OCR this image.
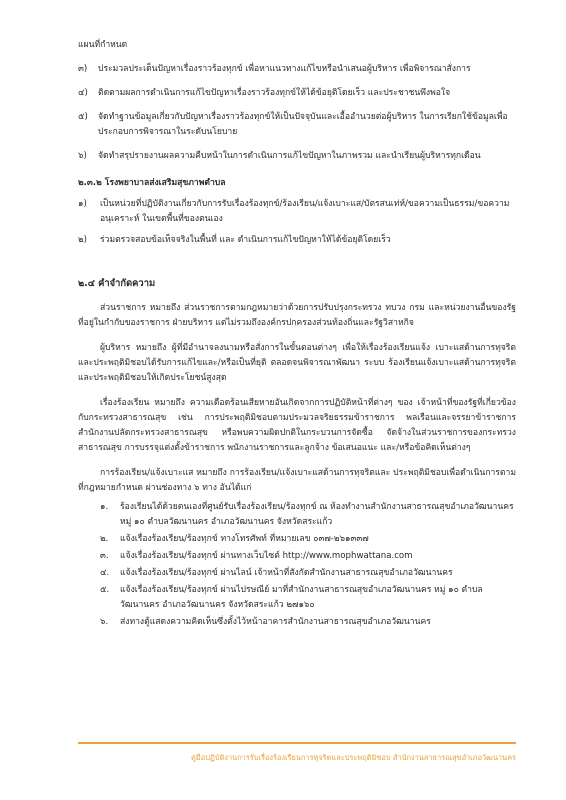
แผนที่กำหนด

๓) ประมวลประเด็นปัญหาเรื่องราวร้องทุกข์ เพื่อหาแนวทางแก้ไขหรือนำเสนอผู้บริหาร เพื่อพิจารณาสั่งการ
๔) ติดตามผลการดำเนินการแก้ไขปัญหาเรื่องราวร้องทุกข์ให้ได้ข้อยุติโดยเร็ว และประชาชนพึงพอใจ
๕) จัดทำฐานข้อมูลเกี่ยวกับปัญหาเรื่องราวร้องทุกข์ให้เป็นปัจจุบันและเอื้ออำนวยต่อผู้บริหาร ในการเรียกใช้ข้อมูลเพื่อประกอบการพิจารณาในระดับนโยบาย
๖) จัดทำสรุปรายงานผลความคืบหน้าในการดำเนินการแก้ไขปัญหาในภาพรวม และนำเรียนผู้บริหารทุกเดือน

๒.๓.๒ โรงพยาบาลส่งเสริมสุขภาพตำบล

๑) เป็นหน่วยที่ปฏิบัติงานเกี่ยวกับการรับเรื่องร้องทุกข์/ร้องเรียน/แจ้งเบาะแส/บัตรสนเท่ห์/ขอความเป็นธรรม/ขอความอนุเคราะห์ ในเขตพื้นที่ของตนเอง
๒) ร่วมตรวจสอบข้อเท็จจริงในพื้นที่ และ ดำเนินการแก้ไขปัญหาให้ได้ข้อยุติโดยเร็ว

๒.๔ คำจำกัดความ

ส่วนราชการ หมายถึง ส่วนราชการตามกฎหมายว่าด้วยการปรับปรุงกระทรวง ทบวง กรม และหน่วยงานอื่นของรัฐที่อยู่ในกำกับของราชการ ฝ่ายบริหาร แต่ไม่รวมถึงองค์กรปกครองส่วนท้องถิ่นและรัฐวิสาหกิจ

ผู้บริหาร หมายถึง ผู้ที่มีอำนาจลงนามหรือสั่งการในขั้นตอนต่างๆ เพื่อให้เรื่องร้องเรียนแจ้ง เบาะแสด้านการทุจริตและประพฤติมิชอบได้รับการแก้ไขและ/หรือเป็นที่ยุติ ตลอดจนพิจารณาพัฒนา ระบบ ร้องเรียนแจ้งเบาะแสด้านการทุจริตและประพฤติมิชอบให้เกิดประโยชน์สูงสุด

เรื่องร้องเรียน หมายถึง ความเดือดร้อนเสียหายอันเกิดจากการปฏิบัติหน้าที่ต่างๆ ของ เจ้าหน้าที่ของรัฐที่เกี่ยวข้องกับกระทรวงสาธารณสุข เช่น การประพฤติมิชอบตามประมวลจริยธรรมข้าราชการ พลเรือนและจรรยาข้าราชการสำนักงานปลัดกระทรวงสาธารณสุข หรือพบความผิดปกติในกระบวนการจัดซื้อ จัดจ้างในส่วนราชการของกระทรวงสาธารณสุข การบรรจุแต่งตั้งข้าราชการ พนักงานราชการและลูกจ้าง ข้อเสนอแนะ และ/หรือข้อคิดเห็นต่างๆ

การร้องเรียน/แจ้งเบาะแส หมายถึง การร้องเรียน/แจ้งเบาะแสด้านการทุจริตและ ประพฤติมิชอบเพื่อดำเนินการตามที่กฎหมายกำหนด ผ่านช่องทาง ๖ ทาง อันได้แก่

๑. ร้องเรียนได้ด้วยตนเองที่ศูนย์รับเรื่องร้องเรียน/ร้องทุกข์ ณ ห้องทำงานสำนักงานสาธารณสุขอำเภอวัฒนานคร หมู่ ๑๐ ตำบลวัฒนานคร อำเภอวัฒนานคร จังหวัดสระแก้ว
๒. แจ้งเรื่องร้องเรียน/ร้องทุกข์ ทางโทรศัพท์ ที่หมายเลข ๐๓๗-๒๖๑๓๓๗
๓. แจ้งเรื่องร้องเรียน/ร้องทุกข์ ผ่านทางเว็บไซต์ http://www.mophwattana.com
๔. แจ้งเรื่องร้องเรียน/ร้องทุกข์ ผ่านไลน์ เจ้าหน้าที่สังกัดสำนักงานสาธารณสุขอำเภอวัฒนานคร
๕. แจ้งเรื่องร้องเรียน/ร้องทุกข์ ผ่านไปรษณีย์ มาที่สำนักงานสาธารณสุขอำเภอวัฒนานคร หมู่ ๑๐ ตำบลวัฒนานคร อำเภอวัฒนานคร จังหวัดสระแก้ว ๒๗๑๖๐
๖. ส่งทางตู้แสดงความคิดเห็นซึ่งตั้งไว้หน้าอาคารสำนักงานสาธารณสุขอำเภอวัฒนานคร
คู่มือปฏิบัติงานการรับเรื่องร้องเรียนการทุจริตและประพฤติมิชอบ สำนักงานสาธารณสุขอำเภอวัฒนานคร
